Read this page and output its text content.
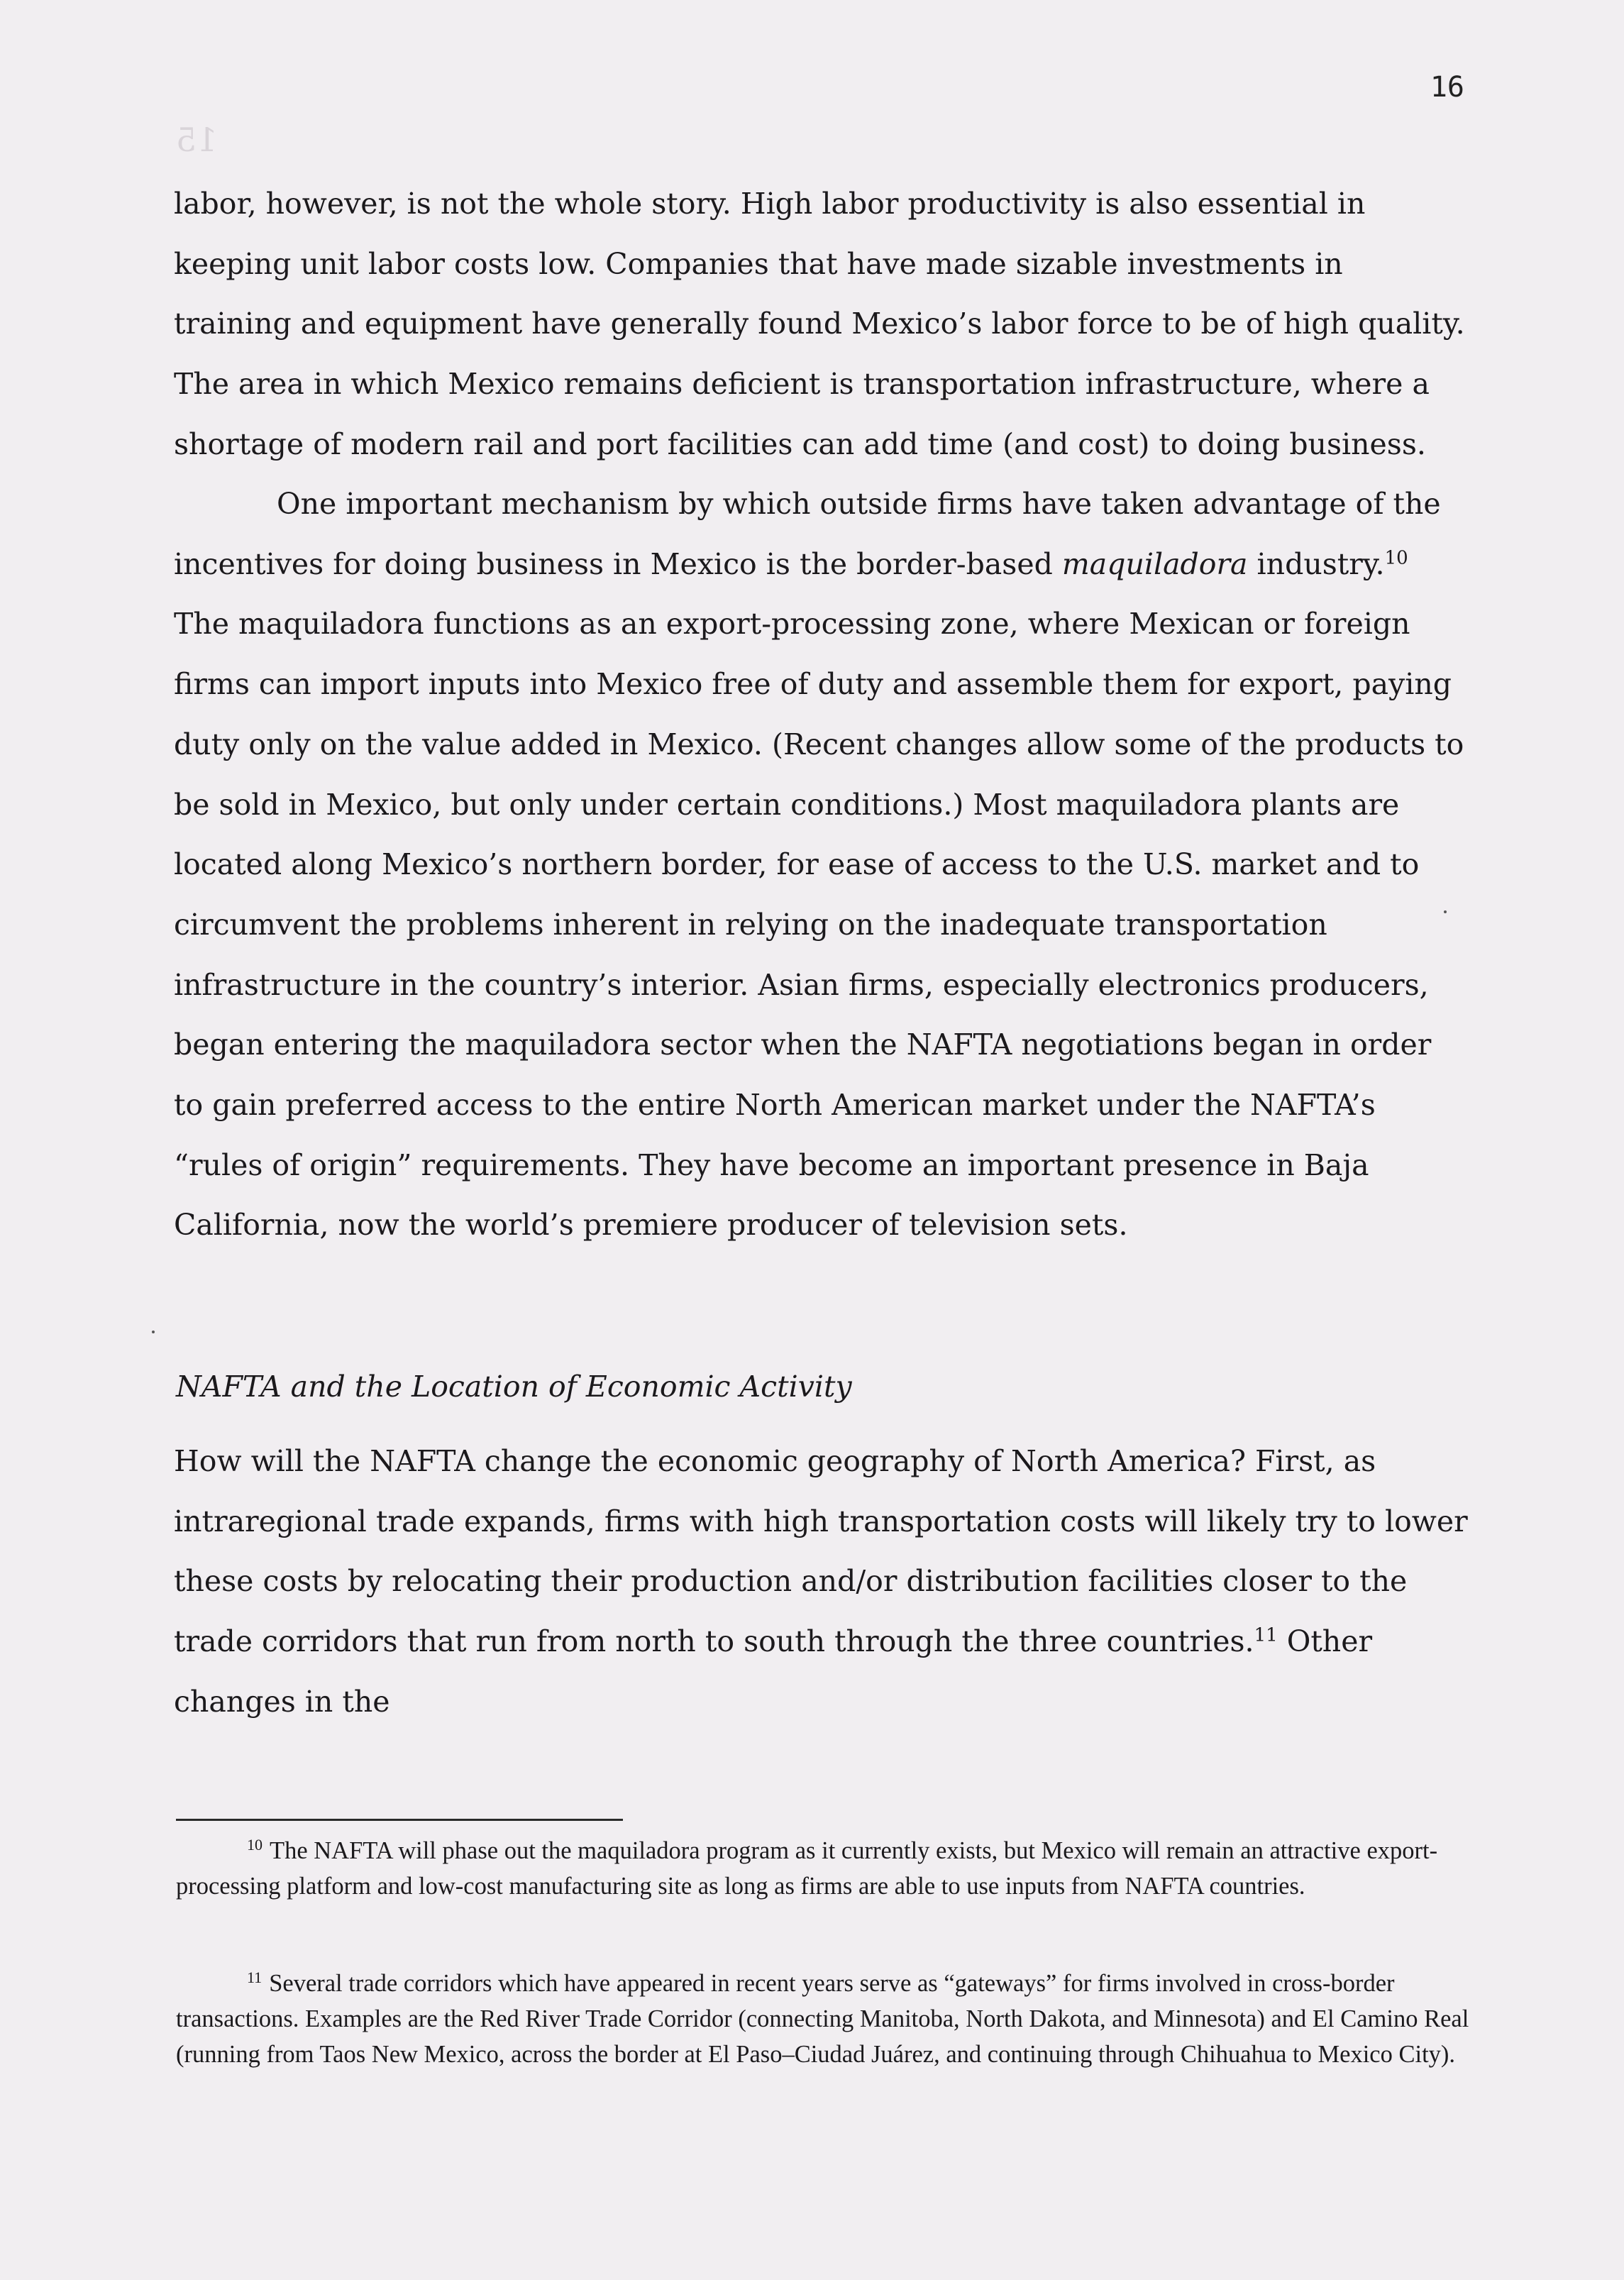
15
16

labor, however, is not the whole story. High labor productivity is also essential in keeping unit labor costs low. Companies that have made sizable investments in training and equipment have generally found Mexico’s labor force to be of high quality. The area in which Mexico remains deficient is transportation infrastructure, where a shortage of modern rail and port facilities can add time (and cost) to doing business.

One important mechanism by which outside firms have taken advantage of the incentives for doing business in Mexico is the border-based maquiladora industry.$^{10}$ The maquiladora functions as an export-processing zone, where Mexican or foreign firms can import inputs into Mexico free of duty and assemble them for export, paying duty only on the value added in Mexico. (Recent changes allow some of the products to be sold in Mexico, but only under certain conditions.) Most maquiladora plants are located along Mexico’s northern border, for ease of access to the U.S. market and to circumvent the problems inherent in relying on the inadequate transportation infrastructure in the country’s interior. Asian firms, especially electronics producers, began entering the maquiladora sector when the NAFTA negotiations began in order to gain preferred access to the entire North American market under the NAFTA’s “rules of origin” requirements. They have become an important presence in Baja California, now the world’s premiere producer of television sets.

NAFTA and the Location of Economic Activity

How will the NAFTA change the economic geography of North America? First, as intraregional trade expands, firms with high transportation costs will likely try to lower these costs by relocating their production and/or distribution facilities closer to the trade corridors that run from north to south through the three countries.$^{11}$ Other changes in the

$^{10}$ The NAFTA will phase out the maquiladora program as it currently exists, but Mexico will remain an attractive export-processing platform and low-cost manufacturing site as long as firms are able to use inputs from NAFTA countries.

$^{11}$ Several trade corridors which have appeared in recent years serve as “gateways” for firms involved in cross-border transactions. Examples are the Red River Trade Corridor (connecting Manitoba, North Dakota, and Minnesota) and El Camino Real (running from Taos New Mexico, across the border at El Paso–Ciudad Juárez, and continuing through Chihuahua to Mexico City).
